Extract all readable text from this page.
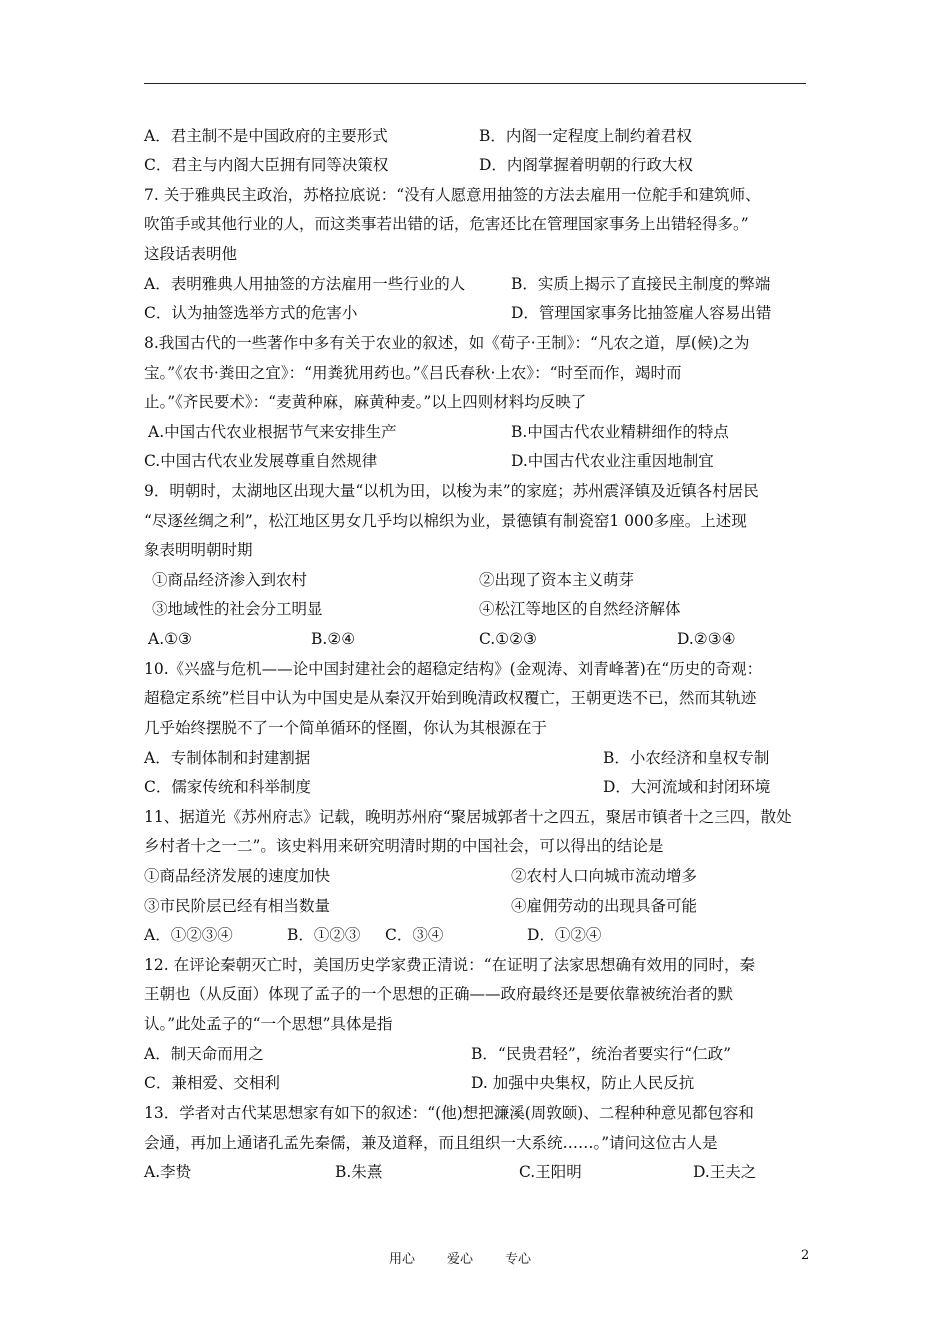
A．君主制不是中国政府的主要形式	B．内阁一定程度上制约着君权
C．君主与内阁大臣拥有同等决策权	D．内阁掌握着明朝的行政大权
7. 关于雅典民主政治，苏格拉底说：“没有人愿意用抽签的方法去雇用一位舵手和建筑师、
吹笛手或其他行业的人，而这类事若出错的话，危害还比在管理国家事务上出错轻得多。”
这段话表明他
A．表明雅典人用抽签的方法雇用一些行业的人	B．实质上揭示了直接民主制度的弊端
C．认为抽签选举方式的危害小	D．管理国家事务比抽签雇人容易出错
8.我国古代的一些著作中多有关于农业的叙述，如《荀子·王制》：“凡农之道，厚(候)之为
宝。”《农书·粪田之宜》：“用粪犹用药也。”《吕氏春秋·上农》：“时至而作，竭时而
止。”《齐民要术》：“麦黄种麻，麻黄种麦。”以上四则材料均反映了
A.中国古代农业根据节气来安排生产	B.中国古代农业精耕细作的特点
C.中国古代农业发展尊重自然规律	D.中国古代农业注重因地制宜
9．明朝时，太湖地区出现大量“以机为田，以梭为耒”的家庭；苏州震泽镇及近镇各村居民
“尽逐丝绸之利”，松江地区男女几乎均以棉织为业，景德镇有制瓷窑1 000多座。上述现
象表明明朝时期
①商品经济渗入到农村	②出现了资本主义萌芽
③地域性的社会分工明显	④松江等地区的自然经济解体
A.①③	B.②④	C.①②③	D.②③④
10.《兴盛与危机——论中国封建社会的超稳定结构》(金观涛、刘青峰著)在“历史的奇观：
超稳定系统”栏目中认为中国史是从秦汉开始到晚清政权覆亡，王朝更迭不已，然而其轨迹
几乎始终摆脱不了一个简单循环的怪圈，你认为其根源在于
A．专制体制和封建割据	B．小农经济和皇权专制
C．儒家传统和科举制度	D．大河流域和封闭环境
11、据道光《苏州府志》记载，晚明苏州府“聚居城郭者十之四五，聚居市镇者十之三四，散处
乡村者十之一二”。该史料用来研究明清时期的中国社会，可以得出的结论是
①商品经济发展的速度加快	②农村人口向城市流动增多
③市民阶层已经有相当数量	④雇佣劳动的出现具备可能
A．①②③④	B．①②③ C．③④	D．①②④
12. 在评论秦朝灭亡时，美国历史学家费正清说：“在证明了法家思想确有效用的同时，秦
王朝也（从反面）体现了孟子的一个思想的正确——政府最终还是要依靠被统治者的默
认。”此处孟子的“一个思想”具体是指
A．制天命而用之	B．“民贵君轻”，统治者要实行“仁政”
C．兼相爱、交相利	D. 加强中央集权，防止人民反抗
13．学者对古代某思想家有如下的叙述：“(他)想把濂溪(周敦颐)、二程种种意见都包容和
会通，再加上通诸孔孟先秦儒，兼及道释，而且组织一大系统……。”请问这位古人是
A.李贽	B.朱熹	C.王阳明	D.王夫之
用心 爱心 专心	2
